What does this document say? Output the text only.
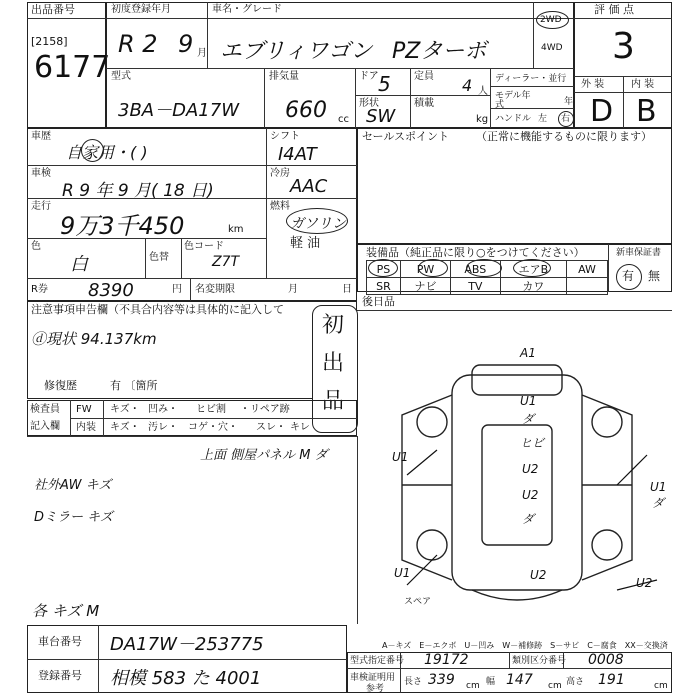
出品番号
[2158]
6177
初度登録年月
R 2 9 月
車名・グレード
エブリィワゴン PZターボ
2WD
4WD
評 価 点
3
外 装	内 装
D B
型式
3BA－DA17W
排気量
660 cc
ドア 5 定員 4 人
形状
SW
積載
kg
ディーラー・並行
モデル年式	年
ハンドル 左 右
車歴
自家用・( )
シフト
I4AT
車検
R 9 年 9 月( 18 日)
冷房
AAC
走行
9万3千450	km
燃料
ガソリン
軽 油
色
白	色替
色コード
Z7T
R券 8390	円 名変期限	月	日
セールスポイント （正常に機能するものに限ります）
装備品（純正品に限り○をつけてください）
PS	PW	ABS	エアB	AW
SR	ナビ	TV	カワ	
新車保証書
有 無
後日品
注意事項申告欄（不具合内容等は具体的に記入して
ⓓ現状 94.137km
修復歴	有 〔箇所
初
出
品
検査員
記入欄
FW キズ・ 凹み・ ヒビ割 ・リペア跡
内装 キズ・ 汚レ・ コゲ・穴・ スレ・ キレ
上面 側屋パネル M ダ
社外AW キズ
Dミラー キズ
各 キズ M
A1
U1
ダ
ヒビ
U2
U2
ダ
U1
U1
ダ
U1	U2
U2
スペア
A－キズ　E－エクボ　U－凹み　W－補修跡　S－サビ　C－腐食　XX－交換済
車台番号 DA17W－253775
登録番号 相模 583 た 4001
型式指定番号 19172	類別区分番号 0008
車検証明用
参考
長さ 339 cm 幅 147 cm 高さ 191	cm
